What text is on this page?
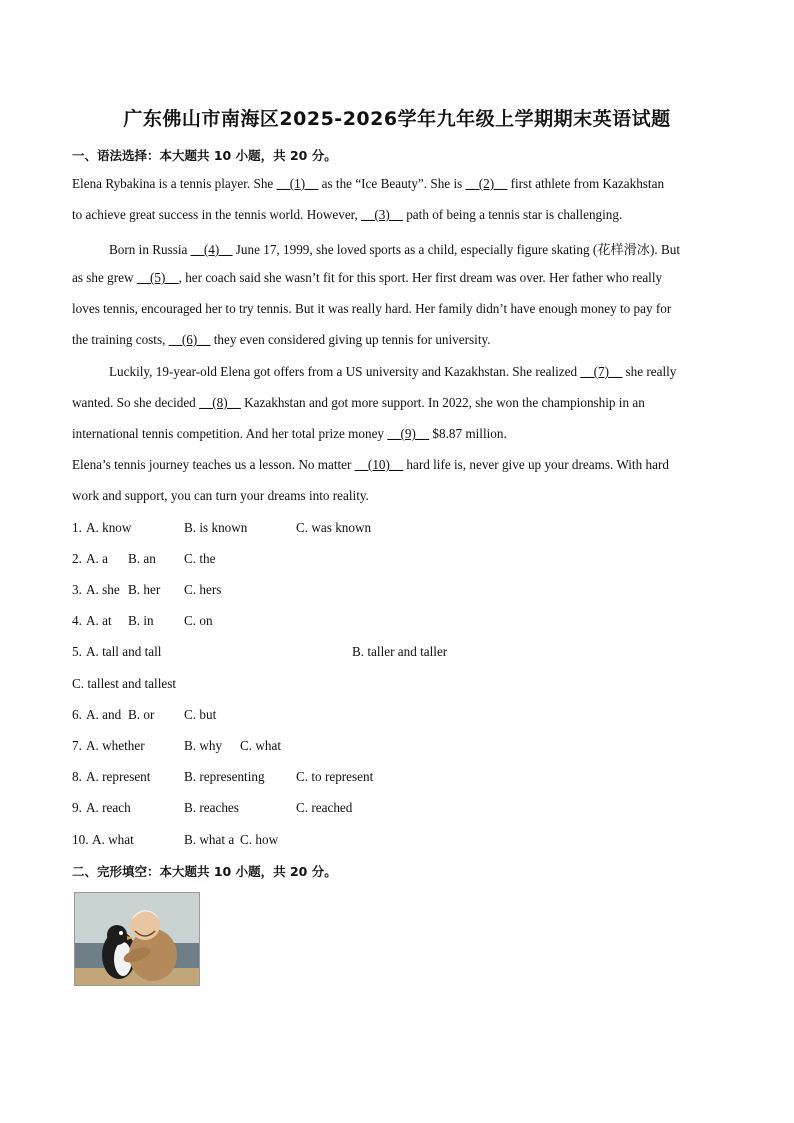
广东佛山市南海区2025-2026学年九年级上学期期末英语试题
一、语法选择：本大题共 10 小题，共 20 分。
Elena Rybakina is a tennis player. She __(1)__ as the “Ice Beauty”. She is __(2)__ first athlete from Kazakhstan
to achieve great success in the tennis world. However, __(3)__ path of being a tennis star is challenging.
Born in Russia __(4)__ June 17, 1999, she loved sports as a child, especially figure skating (花样滑冰). But
as she grew __(5)__, her coach said she wasn’t fit for this sport. Her first dream was over. Her father who really
loves tennis, encouraged her to try tennis. But it was really hard. Her family didn’t have enough money to pay for
the training costs, __(6)__ they even considered giving up tennis for university.
Luckily, 19-year-old Elena got offers from a US university and Kazakhstan. She realized __(7)__ she really
wanted. So she decided __(8)__ Kazakhstan and got more support. In 2022, she won the championship in an
international tennis competition. And her total prize money __(9)__ $8.87 million.
Elena’s tennis journey teaches us a lesson. No matter __(10)__ hard life is, never give up your dreams. With hard
work and support, you can turn your dreams into reality.
1. A. know	B. is known	C. was known
2. A. a B. an C. the
3. A. she B. her C. hers
4. A. at B. in C. on
5. A. tall and tall	B. taller and taller
C. tallest and tallest
6. A. and B. or C. but
7. A. whether	B. why C. what
8. A. represent	B. representing C. to represent
9. A. reach	B. reaches	C. reached
10. A. what	B. what a C. how
二、完形填空：本大题共 10 小题，共 20 分。
